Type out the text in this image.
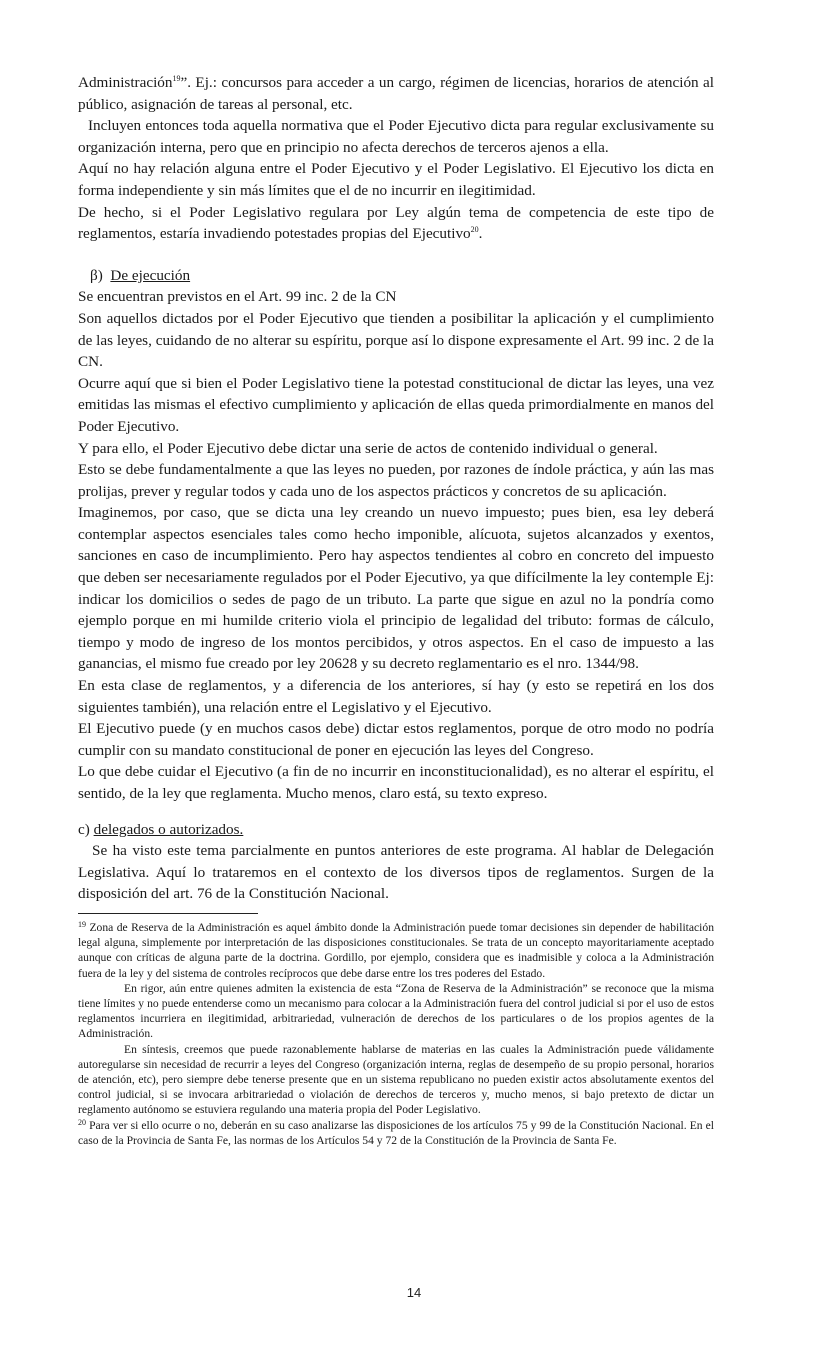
Administración$^{19}$”. Ej.: concursos para acceder a un cargo, régimen de licencias, horarios de atención al público, asignación de tareas al personal, etc.

Incluyen entonces toda aquella normativa que el Poder Ejecutivo dicta para regular exclusivamente su organización interna, pero que en principio no afecta derechos de terceros ajenos a ella.

Aquí no hay relación alguna entre el Poder Ejecutivo y el Poder Legislativo. El Ejecutivo los dicta en forma independiente y sin más límites que el de no incurrir en ilegitimidad.

De hecho, si el Poder Legislativo regulara por Ley algún tema de competencia de este tipo de reglamentos, estaría invadiendo potestades propias del Ejecutivo$^{20}$.

β) De ejecución

Se encuentran previstos en el Art. 99 inc. 2 de la CN

Son aquellos dictados por el Poder Ejecutivo que tienden a posibilitar la aplicación y el cumplimiento de las leyes, cuidando de no alterar su espíritu, porque así lo dispone expresamente el Art. 99 inc. 2 de la CN.

Ocurre aquí que si bien el Poder Legislativo tiene la potestad constitucional de dictar las leyes, una vez emitidas las mismas el efectivo cumplimiento y aplicación de ellas queda primordialmente en manos del Poder Ejecutivo.

Y para ello, el Poder Ejecutivo debe dictar una serie de actos de contenido individual o general.

Esto se debe fundamentalmente a que las leyes no pueden, por razones de índole práctica, y aún las mas prolijas, prever y regular todos y cada uno de los aspectos prácticos y concretos de su aplicación.

Imaginemos, por caso, que se dicta una ley creando un nuevo impuesto; pues bien, esa ley deberá contemplar aspectos esenciales tales como hecho imponible, alícuota, sujetos alcanzados y exentos, sanciones en caso de incumplimiento. Pero hay aspectos tendientes al cobro en concreto del impuesto que deben ser necesariamente regulados por el Poder Ejecutivo, ya que difícilmente la ley contemple Ej: indicar los domicilios o sedes de pago de un tributo. La parte que sigue en azul no la pondría como ejemplo porque en mi humilde criterio viola el principio de legalidad del tributo: formas de cálculo, tiempo y modo de ingreso de los montos percibidos, y otros aspectos. En el caso de impuesto a las ganancias, el mismo fue creado por ley 20628 y su decreto reglamentario es el nro. 1344/98.

En esta clase de reglamentos, y a diferencia de los anteriores, sí hay (y esto se repetirá en los dos siguientes también), una relación entre el Legislativo y el Ejecutivo.

El Ejecutivo puede (y en muchos casos debe) dictar estos reglamentos, porque de otro modo no podría cumplir con su mandato constitucional de poner en ejecución las leyes del Congreso.

Lo que debe cuidar el Ejecutivo (a fin de no incurrir en inconstitucionalidad), es no alterar el espíritu, el sentido, de la ley que reglamenta. Mucho menos, claro está, su texto expreso.

c) delegados o autorizados.

Se ha visto este tema parcialmente en puntos anteriores de este programa. Al hablar de Delegación Legislativa. Aquí lo trataremos en el contexto de los diversos tipos de reglamentos. Surgen de la disposición del art. 76 de la Constitución Nacional.

$^{19}$ Zona de Reserva de la Administración es aquel ámbito donde la Administración puede tomar decisiones sin depender de habilitación legal alguna, simplemente por interpretación de las disposiciones constitucionales. Se trata de un concepto mayoritariamente aceptado aunque con críticas de alguna parte de la doctrina. Gordillo, por ejemplo, considera que es inadmisible y coloca a la Administración fuera de la ley y del sistema de controles recíprocos que debe darse entre los tres poderes del Estado.

En rigor, aún entre quienes admiten la existencia de esta “Zona de Reserva de la Administración” se reconoce que la misma tiene límites y no puede entenderse como un mecanismo para colocar a la Administración fuera del control judicial si por el uso de estos reglamentos incurriera en ilegitimidad, arbitrariedad, vulneración de derechos de los particulares o de los propios agentes de la Administración.

En síntesis, creemos que puede razonablemente hablarse de materias en las cuales la Administración puede válidamente autoregularse sin necesidad de recurrir a leyes del Congreso (organización interna, reglas de desempeño de su propio personal, horarios de atención, etc), pero siempre debe tenerse presente que en un sistema republicano no pueden existir actos absolutamente exentos del control judicial, si se invocara arbitrariedad o violación de derechos de terceros y, mucho menos, si bajo pretexto de dictar un reglamento autónomo se estuviera regulando una materia propia del Poder Legislativo.

$^{20}$ Para ver si ello ocurre o no, deberán en su caso analizarse las disposiciones de los artículos 75 y 99 de la Constitución Nacional. En el caso de la Provincia de Santa Fe, las normas de los Artículos 54 y 72 de la Constitución de la Provincia de Santa Fe.

14
